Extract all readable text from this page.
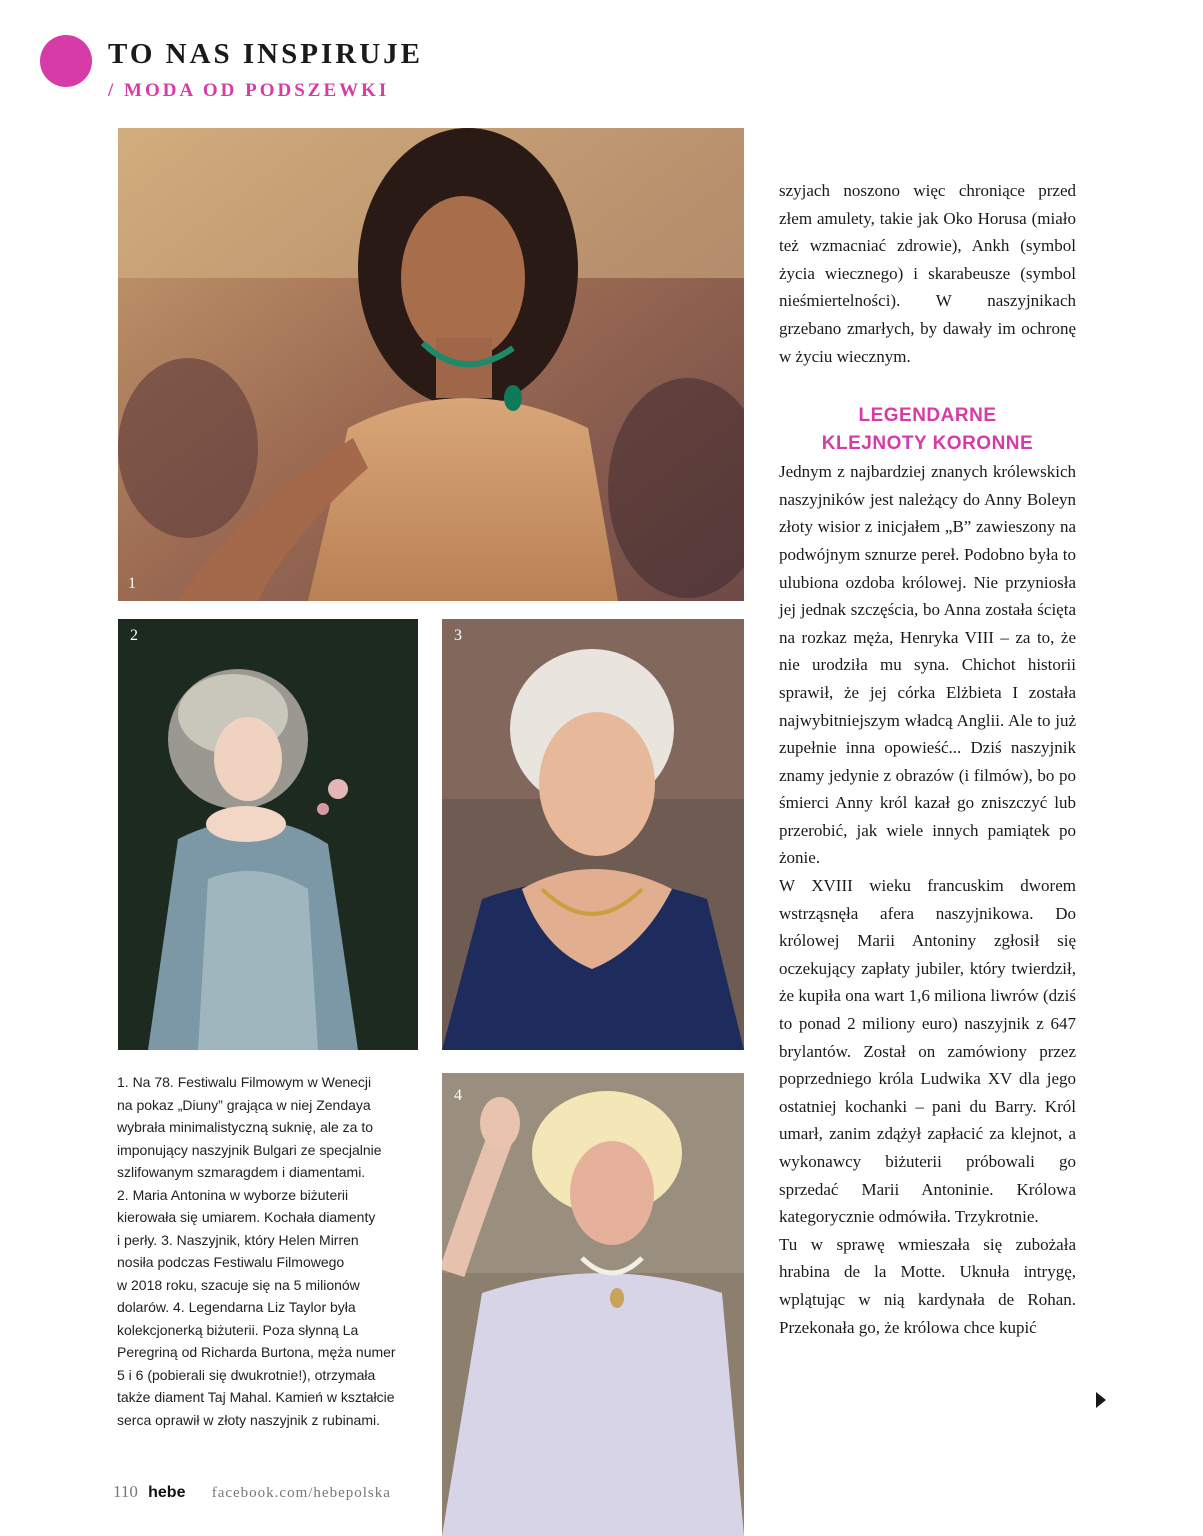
TO NAS INSPIRUJE
/ MODA OD PODSZEWKI
1
2	3
4

1. Na 78. Festiwalu Filmowym w Wenecji

na pokaz „Diuny” grająca w niej Zendaya

wybrała minimalistyczną suknię, ale za to

imponujący naszyjnik Bulgari ze specjalnie

szlifowanym szmaragdem i diamentami.

2. Maria Antonina w wyborze biżuterii

kierowała się umiarem. Kochała diamenty

i perły. 3. Naszyjnik, który Helen Mirren

nosiła podczas Festiwalu Filmowego

w 2018 roku, szacuje się na 5 milionów

dolarów. 4. Legendarna Liz Taylor była

kolekcjonerką biżuterii. Poza słynną La

Peregriną od Richarda Burtona, męża numer

5 i 6 (pobierali się dwukrotnie!), otrzymała

także diament Taj Mahal. Kamień w kształcie

serca oprawił w złoty naszyjnik z rubinami.

szyjach noszono więc chroniące przed złem amulety, takie jak Oko Horusa (miało też wzmacniać zdrowie), Ankh (symbol życia wiecznego) i skarabeusze (symbol nieśmiertelności). W naszyjnikach grzebano zmarłych, by dawały im ochronę w życiu wiecznym.

LEGENDARNE
KLEJNOTY KORONNE

Jednym z najbardziej znanych królewskich naszyjników jest należący do Anny Boleyn złoty wisior z inicjałem „B” zawieszony na podwójnym sznurze pereł. Podobno była to ulubiona ozdoba królowej. Nie przyniosła jej jednak szczęścia, bo Anna została ścięta na rozkaz męża, Henryka VIII – za to, że nie urodziła mu syna. Chichot historii sprawił, że jej córka Elżbieta I została najwybitniejszym władcą Anglii. Ale to już zupełnie inna opowieść... Dziś naszyjnik znamy jedynie z obrazów (i filmów), bo po śmierci Anny król kazał go zniszczyć lub przerobić, jak wiele innych pamiątek po żonie.

W XVIII wieku francuskim dworem wstrząsnęła afera naszyjnikowa. Do królowej Marii Antoniny zgłosił się oczekujący zapłaty jubiler, który twierdził, że kupiła ona wart 1,6 miliona liwrów (dziś to ponad 2 miliony euro) naszyjnik z 647 brylantów. Został on zamówiony przez poprzedniego króla Ludwika XV dla jego ostatniej kochanki – pani du Barry. Król umarł, zanim zdążył zapłacić za klejnot, a wykonawcy biżuterii próbowali go sprzedać Marii Antoninie. Królowa kategorycznie odmówiła. Trzykrotnie.

Tu w sprawę wmieszała się zubożała hrabina de la Motte. Uknuła intrygę, wplątując w nią kardynała de Rohan. Przekonała go, że królowa chce kupić

110 hebe facebook.com/hebepolska
